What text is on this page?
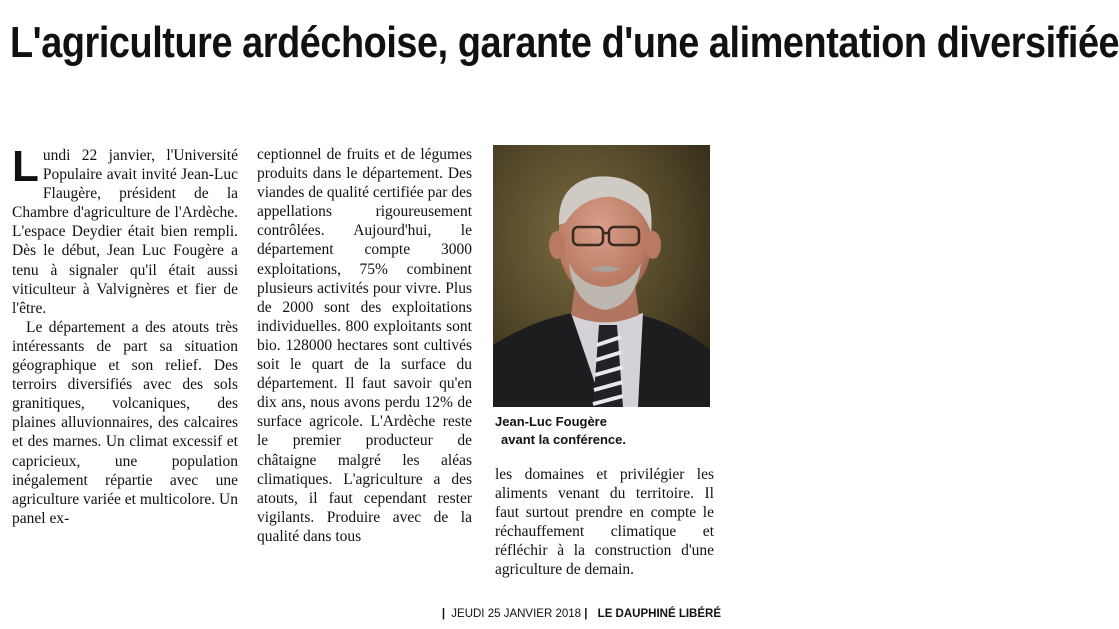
L'agriculture ardéchoise, garante d'une alimentation diversifiée

Lundi 22 janvier, l'Université Populaire avait invité Jean-Luc Flaugère, président de la Chambre d'agriculture de l'Ardèche. L'espace Deydier était bien rempli. Dès le début, Jean Luc Fougère a tenu à signaler qu'il était aussi viticulteur à Valvignères et fier de l'être.

Le département a des atouts très intéressants de part sa situation géographique et son relief. Des terroirs diversifiés avec des sols granitiques, volcaniques, des plaines alluvionnaires, des calcaires et des marnes. Un climat excessif et capricieux, une population inégalement répartie avec une agriculture variée et multicolore. Un panel ex-

ceptionnel de fruits et de légumes produits dans le département. Des viandes de qualité certifiée par des appellations rigoureusement contrôlées. Aujourd'hui, le département compte 3000 exploitations, 75% combinent plusieurs activités pour vivre. Plus de 2000 sont des exploitations individuelles. 800 exploitants sont bio. 128000 hectares sont cultivés soit le quart de la surface du département. Il faut savoir qu'en dix ans, nous avons perdu 12% de surface agricole. L'Ardèche reste le premier producteur de châtaigne malgré les aléas climatiques. L'agriculture a des atouts, il faut cependant rester vigilants. Produire avec de la qualité dans tous

Jean-Luc Fougère
avant la conférence.

les domaines et privilégier les aliments venant du territoire. Il faut surtout prendre en compte le réchauffement climatique et réfléchir à la construction d'une agriculture de demain.

| JEUDI 25 JANVIER 2018 | LE DAUPHINÉ LIBÉRÉ
